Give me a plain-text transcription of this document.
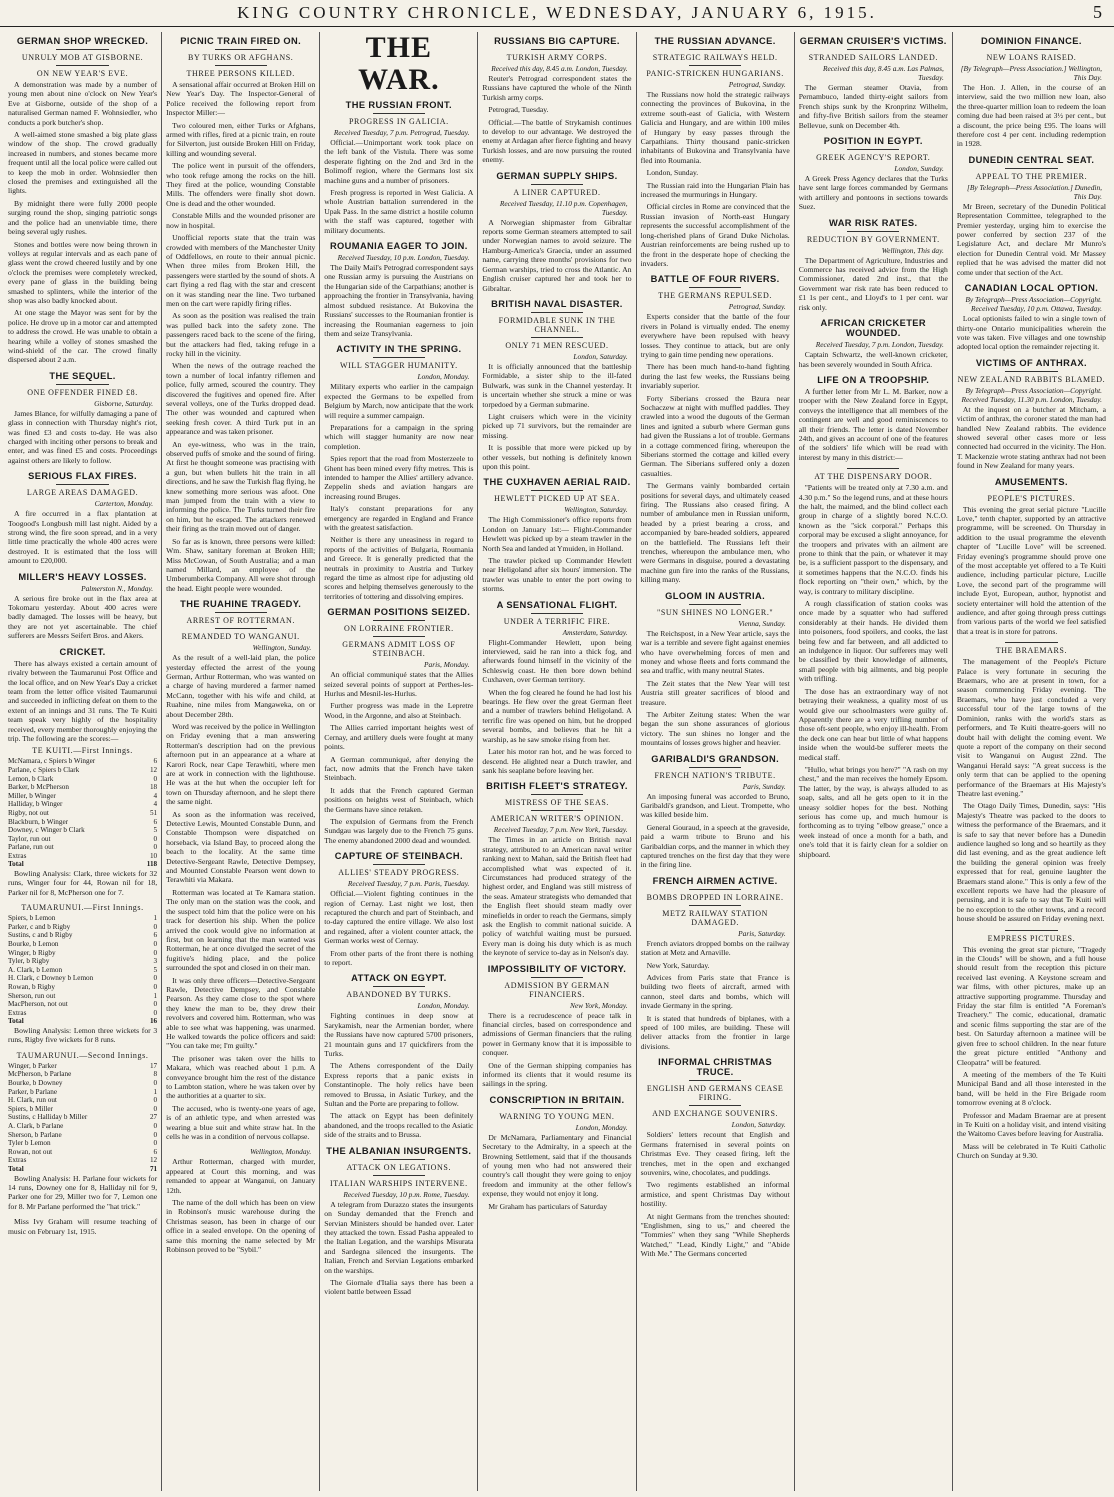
KING COUNTRY CHRONICLE, WEDNESDAY, JANUARY 6, 1915.	5
GERMAN SHOP WRECKED.
UNRULY MOB AT GISBORNE.
ON NEW YEAR'S EVE.

A demonstration was made by a number of young men about nine o'clock on New Year's Eve at Gisborne, outside of the shop of a naturalised German named F. Wohnsiedler, who conducts a pork butcher's shop.

A well-aimed stone smashed a big plate glass window of the shop. The crowd gradually increased in numbers, and stones became more frequent until all the local police were called out to keep the mob in order. Wohnsiedler then closed the premises and extinguished all the lights.

By midnight there were fully 2000 people surging round the shop, singing patriotic songs and the police had an unenviable time, there being several ugly rushes.

Stones and bottles were now being thrown in volleys at regular intervals and as each pane of glass went the crowd cheered lustily and by one o'clock the premises were completely wrecked, every pane of glass in the building being smashed to splinters, while the interior of the shop was also badly knocked about.

At one stage the Mayor was sent for by the police. He drove up in a motor car and attempted to address the crowd. He was unable to obtain a hearing while a volley of stones smashed the wind-shield of the car. The crowd finally dispersed about 2 a.m.

THE SEQUEL.
ONE OFFENDER FINED £8.
Gisborne, Saturday.

James Blance, for wilfully damaging a pane of glass in connection with Thursday night's riot, was fined £3 and costs to-day. He was also charged with inciting other persons to break and enter, and was fined £5 and costs. Proceedings against others are likely to follow.

SERIOUS FLAX FIRES.
LARGE AREAS DAMAGED.
Carterton, Monday.

A fire occurred in a flax plantation at Toogood's Longbush mill last night. Aided by a strong wind, the fire soon spread, and in a very little time practically the whole 400 acres were destroyed. It is estimated that the loss will amount to £20,000.

MILLER'S HEAVY LOSSES.
Palmerston N., Monday.

A serious fire broke out in the flax area at Tokomaru yesterday. About 400 acres were badly damaged. The losses will be heavy, but they are not yet ascertainable. The chief sufferers are Messrs Seifert Bros. and Akers.

CRICKET.

There has always existed a certain amount of rivalry between the Taumarunui Post Office and the local office, and on New Year's Day a cricket team from the letter office visited Taumarunui and succeeded in inflicting defeat on them to the extent of an innings and 31 runs. The Te Kuiti team speak very highly of the hospitality received, every member thoroughly enjoying the trip. The following are the scores:—

TE KUITI.—First Innings.
McNamara, c Spiers b Winger	6
Parlane, c Spiers b Clark	12
Lemon, b Clark	0
Barker, b McPherson	18
Miller, b Winger	4
Halliday, b Winger	4
Rigby, not out	51
Blackburn, b Winger	6
Downey, c Winger b Clark	5
Taylor, run out	0
Parlane, run out	0
Extras	10
Total	118

Bowling Analysis: Clark, three wickets for 32 runs, Winger four for 44, Rowan nil for 18, Parker nil for 8, McPherson one for 7.

TAUMARUNUI.—First Innings.
Spiers, b Lemon	1
Parker, c and b Rigby	0
Sustins, c and b Rigby	6
Bourke, b Lemon	0
Winger, b Rigby	0
Tyler, b Rigby	3
A. Clark, b Lemon	5
H. Clark, c Downey b Lemon	0
Rowan, b Rigby	0
Sherson, run out	1
MacPherson, not out	0
Extras	0
Total	16

Bowling Analysis: Lemon three wickets for 3 runs, Rigby five wickets for 8 runs.

TAUMARUNUI.—Second Innings.
Winger, b Parker	17
McPherson, b Parlane	8
Bourke, b Downey	0
Parker, b Parlane	1
H. Clark, run out	0
Spiers, b Miller	0
Sustins, c Halliday b Miller	27
A. Clark, b Parlane	0
Sherson, b Parlane	0
Tyler b Lemon	0
Rowan, not out	6
Extras	12
Total	71

Bowling Analysis: H. Parlane four wickets for 14 runs, Downey one for 8, Halliday nil for 9, Parker one for 29, Miller two for 7, Lemon one for 8. Mr Parlane performed the "hat trick."

Miss Ivy Graham will resume teaching of music on February 1st, 1915.

PICNIC TRAIN FIRED ON.
BY TURKS OR AFGHANS.
THREE PERSONS KILLED.

A sensational affair occurred at Broken Hill on New Year's Day. The Inspector-General of Police received the following report from Inspector Miller:—

Two coloured men, either Turks or Afghans, armed with rifles, fired at a picnic train, en route for Silverton, just outside Broken Hill on Friday, killing and wounding several.

The police went in pursuit of the offenders, who took refuge among the rocks on the hill. They fired at the police, wounding Constable Mills. The offenders were finally shot down. One is dead and the other wounded.

Constable Mills and the wounded prisoner are now in hospital.

Unofficial reports state that the train was crowded with members of the Manchester Unity of Oddfellows, en route to their annual picnic. When three miles from Broken Hill, the passengers were startled by the sound of shots. A cart flying a red flag with the star and crescent on it was standing near the line. Two turbaned men on the cart were rapidly firing rifles.

As soon as the position was realised the train was pulled back into the safety zone. The passengers raced back to the scene of the firing, but the attackers had fled, taking refuge in a rocky hill in the vicinity.

When the news of the outrage reached the town a number of local infantry riflemen and police, fully armed, scoured the country. They discovered the fugitives and opened fire. After several volleys, one of the Turks dropped dead. The other was wounded and captured when seeking fresh cover. A third Turk put in an appearance and was taken prisoner.

An eye-witness, who was in the train, observed puffs of smoke and the sound of firing. At first he thought someone was practising with a gun, but when bullets hit the train in all directions, and he saw the Turkish flag flying, he knew something more serious was afoot. One man jumped from the train with a view to informing the police. The Turks turned their fire on him, but he escaped. The attackers renewed their firing as the train moved out of danger.

So far as is known, three persons were killed: Wm. Shaw, sanitary foreman at Broken Hill; Miss McCowan, of South Australia; and a man named Millard, an employee of the Umberumberka Company. All were shot through the head. Eight people were wounded.

THE RUAHINE TRAGEDY.
ARREST OF ROTTERMAN.
REMANDED TO WANGANUI.
Wellington, Sunday.

As the result of a well-laid plan, the police yesterday effected the arrest of the young German, Arthur Rotterman, who was wanted on a charge of having murdered a farmer named McCann, together with his wife and child, at Ruahine, nine miles from Mangaweka, on or about December 28th.

Word was received by the police in Wellington on Friday evening that a man answering Rotterman's description had on the previous afternoon put in an appearance at a whare at Karori Rock, near Cape Terawhiti, where men are at work in connection with the lighthouse. He was at the hut when the occupier left for town on Thursday afternoon, and he slept there the same night.

As soon as the information was received, Detective Lewis, Mounted Constable Dunn, and Constable Thompson were dispatched on horseback, via Island Bay, to proceed along the beach to the locality. At the same time Detective-Sergeant Rawle, Detective Dempsey, and Mounted Constable Pearson went down to Terawhiti via Makara.

Rotterman was located at Te Kamara station. The only man on the station was the cook, and the suspect told him that the police were on his track for desertion his ship. When the police arrived the cook would give no information at first, but on learning that the man wanted was Rotterman, he at once divulged the secret of the fugitive's hiding place, and the police surrounded the spot and closed in on their man.

It was only three officers—Detective-Sergeant Rawle, Detective Dempsey, and Constable Pearson. As they came close to the spot where they knew the man to be, they drew their revolvers and covered him. Rotterman, who was able to see what was happening, was unarmed. He walked towards the police officers and said: "You can take me; I'm guilty."

The prisoner was taken over the hills to Makara, which was reached about 1 p.m. A conveyance brought him the rest of the distance to Lambton station, where he was taken over by the authorities at a quarter to six.

The accused, who is twenty-one years of age, is of an athletic type, and when arrested was wearing a blue suit and white straw hat. In the cells he was in a condition of nervous collapse.

Wellington, Monday.

Arthur Rotterman, charged with murder, appeared at Court this morning, and was remanded to appear at Wanganui, on January 12th.

The name of the doll which has been on view in Robinson's music warehouse during the Christmas season, has been in charge of our office in a sealed envelope. On the opening of same this morning the name selected by Mr Robinson proved to be "Sybil."

THE WAR.
THE RUSSIAN FRONT.
PROGRESS IN GALICIA.
Received Tuesday, 7 p.m. Petrograd, Tuesday.

Official.—Unimportant work took place on the left bank of the Vistula. There was some desperate fighting on the 2nd and 3rd in the Bolimoff region, where the Germans lost six machine guns and a number of prisoners.

Fresh progress is reported in West Galicia. A whole Austrian battalion surrendered in the Upak Pass. In the same district a hostile column with the staff was captured, together with military documents.

ROUMANIA EAGER TO JOIN.
Received Tuesday, 10 p.m. London, Tuesday.

The Daily Mail's Petrograd correspondent says one Russian army is pursuing the Austrians on the Hungarian side of the Carpathians; another is approaching the frontier in Transylvania, having almost subdued resistance. At Bukovina the Russians' successes to the Roumanian frontier is increasing the Roumanian eagerness to join them and seize Transylvania.

ACTIVITY IN THE SPRING.
WILL STAGGER HUMANITY.
London, Monday.

Military experts who earlier in the campaign expected the Germans to be expelled from Belgium by March, now anticipate that the work will require a summer campaign.

Preparations for a campaign in the spring which will stagger humanity are now near completion.

Spies report that the road from Mosterzeele to Ghent has been mined every fifty metres. This is intended to hamper the Allies' artillery advance. Zeppelin sheds and aviation hangars are increasing round Bruges.

Italy's constant preparations for any emergency are regarded in England and France with the greatest satisfaction.

Neither is there any uneasiness in regard to reports of the activities of Bulgaria, Roumania and Greece. It is generally predicted that the neutrals in proximity to Austria and Turkey regard the time as almost ripe for adjusting old scores and helping themselves generously to the territories of tottering and dissolving empires.

GERMAN POSITIONS SEIZED.
ON LORRAINE FRONTIER.
GERMANS ADMIT LOSS OF STEINBACH.
Paris, Monday.

An official communiqué states that the Allies seized several points of support at Perthes-les-Hurlus and Mesnil-les-Hurlus.

Further progress was made in the Lepretre Wood, in the Argonne, and also at Steinbach.

The Allies carried important heights west of Cernay, and artillery duels were fought at many points.

A German communiqué, after denying the fact, now admits that the French have taken Steinbach.

It adds that the French captured German positions on heights west of Steinbach, which the Germans have since retaken.

The expulsion of Germans from the French Sundgau was largely due to the French 75 guns. The enemy abandoned 2000 dead and wounded.

CAPTURE OF STEINBACH.
ALLIES' STEADY PROGRESS.
Received Tuesday, 7 p.m. Paris, Tuesday.

Official.—Violent fighting continues in the region of Cernay. Last night we lost, then recaptured the church and part of Steinbach, and to-day captured the entire village. We also lost and regained, after a violent counter attack, the German works west of Cernay.

From other parts of the front there is nothing to report.

ATTACK ON EGYPT.
ABANDONED BY TURKS.
London, Monday.

Fighting continues in deep snow at Sarykamish, near the Armenian border, where the Russians have now captured 5700 prisoners, 21 mountain guns and 17 quickfirers from the Turks.

The Athens correspondent of the Daily Express reports that a panic exists in Constantinople. The holy relics have been removed to Brussa, in Asiatic Turkey, and the Sultan and the Porte are preparing to follow.

The attack on Egypt has been definitely abandoned, and the troops recalled to the Asiatic side of the straits and to Brussa.

THE ALBANIAN INSURGENTS.
ATTACK ON LEGATIONS.
ITALIAN WARSHIPS INTERVENE.
Received Tuesday, 10 p.m. Rome, Tuesday.

A telegram from Durazzo states the insurgents on Sunday demanded that the French and Servian Ministers should be handed over. Later they attacked the town. Essad Pasha appealed to the Italian Legation, and the warships Misurata and Sardegna silenced the insurgents. The Italian, French and Servian Legations embarked on the warships.

The Giornale d'Italia says there has been a violent battle between Essad

RUSSIANS BIG CAPTURE.
TURKISH ARMY CORPS.
Received this day, 8.45 a.m. London, Tuesday.

Reuter's Petrograd correspondent states the Russians have captured the whole of the Ninth Turkish army corps.

Petrograd, Tuesday.

Official.—The battle of Strykamish continues to develop to our advantage. We destroyed the enemy at Ardagan after fierce fighting and heavy Turkish losses, and are now pursuing the routed enemy.

GERMAN SUPPLY SHIPS.
A LINER CAPTURED.
Received Tuesday, 11.10 p.m. Copenhagen, Tuesday.

A Norwegian shipmaster from Gibraltar reports some German steamers attempted to sail under Norwegian names to avoid seizure. The Hamburg-America's Graecia, under an assumed name, carrying three months' provisions for two German warships, tried to cross the Atlantic. An English cruiser captured her and took her to Gibraltar.

BRITISH NAVAL DISASTER.
FORMIDABLE SUNK IN THE CHANNEL.
ONLY 71 MEN RESCUED.
London, Saturday.

It is officially announced that the battleship Formidable, a sister ship to the ill-fated Bulwark, was sunk in the Channel yesterday. It is uncertain whether she struck a mine or was torpedoed by a German submarine.

Light cruisers which were in the vicinity picked up 71 survivors, but the remainder are missing.

It is possible that more were picked up by other vessels, but nothing is definitely known upon this point.

THE CUXHAVEN AERIAL RAID.
HEWLETT PICKED UP AT SEA.
Wellington, Saturday.

The High Commissioner's office reports from London on January 1st:— Flight-Commander Hewlett was picked up by a steam trawler in the North Sea and landed at Ymuiden, in Holland.

The trawler picked up Commander Hewlett near Heligoland after six hours' immersion. The trawler was unable to enter the port owing to storms.

A SENSATIONAL FLIGHT.
UNDER A TERRIFIC FIRE.
Amsterdam, Saturday.

Flight-Commander Hewlett, upon being interviewed, said he ran into a thick fog, and afterwards found himself in the vicinity of the Schleswig coast. He then bore down behind Cuxhaven, over German territory.

When the fog cleared he found he had lost his bearings. He flew over the great German fleet and a number of trawlers behind Heligoland. A terrific fire was opened on him, but he dropped several bombs, and believes that he hit a warship, as he saw smoke rising from her.

Later his motor ran hot, and he was forced to descend. He alighted near a Dutch trawler, and sank his seaplane before leaving her.

BRITISH FLEET'S STRATEGY.
MISTRESS OF THE SEAS.
AMERICAN WRITER'S OPINION.
Received Tuesday, 7 p.m. New York, Tuesday.

The Times in an article on British naval strategy, attributed to an American naval writer ranking next to Mahan, said the British fleet had accomplished what was expected of it. Circumstances had produced strategy of the highest order, and England was still mistress of the seas. Amateur strategists who demanded that the English fleet should steam madly over minefields in order to reach the Germans, simply ask the English to commit national suicide. A policy of watchful waiting must be pursued. Every man is doing his duty which is as much the keynote of service to-day as in Nelson's day.

IMPOSSIBILITY OF VICTORY.
ADMISSION BY GERMAN FINANCIERS.
New York, Monday.

There is a recrudescence of peace talk in financial circles, based on correspondence and admissions of German financiers that the ruling power in Germany know that it is impossible to conquer.

One of the German shipping companies has informed its clients that it would resume its sailings in the spring.

CONSCRIPTION IN BRITAIN.
WARNING TO YOUNG MEN.
London, Monday.

Dr McNamara, Parliamentary and Financial Secretary to the Admiralty, in a speech at the Browning Settlement, said that if the thousands of young men who had not answered their country's call thought they were going to enjoy freedom and immunity at the other fellow's expense, they would not enjoy it long.

Mr Graham has particulars of Saturday

THE RUSSIAN ADVANCE.
STRATEGIC RAILWAYS HELD.
PANIC-STRICKEN HUNGARIANS.
Petrograd, Sunday.

The Russians now hold the strategic railways connecting the provinces of Bukovina, in the extreme south-east of Galicia, with Western Galicia and Hungary, and are within 100 miles of Hungary by easy passes through the Carpathians. Thirty thousand panic-stricken inhabitants of Bukovina and Transylvania have fled into Roumania.

London, Sunday.

The Russian raid into the Hungarian Plain has increased the murmurings in Hungary.

Official circles in Rome are convinced that the Russian invasion of North-east Hungary represents the successful accomplishment of the long-cherished plans of Grand Duke Nicholas. Austrian reinforcements are being rushed up to the front in the desperate hope of checking the invaders.

BATTLE OF FOUR RIVERS.
THE GERMANS REPULSED.
Petrograd, Sunday.

Experts consider that the battle of the four rivers in Poland is virtually ended. The enemy everywhere have been repulsed with heavy losses. They continue to attack, but are only trying to gain time pending new operations.

There has been much hand-to-hand fighting during the last few weeks, the Russians being invariably superior.

Forty Siberians crossed the Bzura near Sochaczew at night with muffled paddles. They crawled into a wood the dugouts of the German lines and ignited a suburb where German guns had given the Russians a lot of trouble. Germans in a cottage commenced firing, whereupon the Siberians stormed the cottage and killed every German. The Siberians suffered only a dozen casualties.

The Germans vainly bombarded certain positions for several days, and ultimately ceased firing. The Russians also ceased firing. A number of ambulance men in Russian uniform, headed by a priest bearing a cross, and accompanied by bare-headed soldiers, appeared on the battlefield. The Russians left their trenches, whereupon the ambulance men, who were Germans in disguise, poured a devastating machine gun fire into the ranks of the Russians, killing many.

GLOOM IN AUSTRIA.
"SUN SHINES NO LONGER."
Vienna, Sunday.

The Reichspost, in a New Year article, says the war is a terrible and severe fight against enemies who have overwhelming forces of men and money and whose fleets and forts command the sea and traffic, with many neutral States.

The Zeit states that the New Year will test Austria still greater sacrifices of blood and treasure.

The Arbiter Zeitung states: When the war began the sun shone assurances of glorious victory. The sun shines no longer and the mountains of losses grows higher and heavier.

GARIBALDI'S GRANDSON.
FRENCH NATION'S TRIBUTE.
Paris, Sunday.

An imposing funeral was accorded to Bruno, Garibaldi's grandson, and Lieut. Trompette, who was killed beside him.

General Gouraud, in a speech at the graveside, paid a warm tribute to Bruno and his Garibaldian corps, and the manner in which they captured trenches on the first day that they were in the firing line.

FRENCH AIRMEN ACTIVE.
BOMBS DROPPED IN LORRAINE.
METZ RAILWAY STATION DAMAGED.
Paris, Saturday.

French aviators dropped bombs on the railway station at Metz and Arnaville.

New York, Saturday.

Advices from Paris state that France is building two fleets of aircraft, armed with cannon, steel darts and bombs, which will invade Germany in the spring.

It is stated that hundreds of biplanes, with a speed of 100 miles, are building. These will deliver attacks from the frontier in large divisions.

INFORMAL CHRISTMAS TRUCE.
ENGLISH AND GERMANS CEASE FIRING.
AND EXCHANGE SOUVENIRS.
London, Saturday.

Soldiers' letters recount that English and Germans fraternised in several points on Christmas Eve. They ceased firing, left the trenches, met in the open and exchanged souvenirs, wine, chocolates, and puddings.

Two regiments established an informal armistice, and spent Christmas Day without hostility.

At night Germans from the trenches shouted: "Englishmen, sing to us," and cheered the "Tommies" when they sang "While Shepherds Watched," "Lead, Kindly Light," and "Abide With Me." The Germans concerted

GERMAN CRUISER'S VICTIMS.
STRANDED SAILORS LANDED.
Received this day, 8.45 a.m. Las Palmas, Tuesday.

The German steamer Otavia, from Pernambuco, landed thirty-eight sailors from French ships sunk by the Kronprinz Wilhelm, and fifty-five British sailors from the steamer Bellevue, sunk on December 4th.

POSITION IN EGYPT.
GREEK AGENCY'S REPORT.
London, Sunday.

A Greek Press Agency declares that the Turks have sent large forces commanded by Germans with artillery and pontoons in sections towards Suez.

WAR RISK RATES.
REDUCTION BY GOVERNMENT.
Wellington, This day.

The Department of Agriculture, Industries and Commerce has received advice from the High Commissioner, dated 2nd inst., that the Government war risk rate has been reduced to £1 1s per cent., and Lloyd's to 1 per cent. war risk only.

AFRICAN CRICKETER WOUNDED.
Received Tuesday, 7 p.m. London, Tuesday.

Captain Schwartz, the well-known cricketer, has been severely wounded in South Africa.

LIFE ON A TROOPSHIP.

A further letter from Mr L. M. Barker, now a trooper with the New Zealand force in Egypt, conveys the intelligence that all members of the contingent are well and good reminiscences to all their friends. The letter is dated November 24th, and gives an account of one of the features of the soldiers' life which will be read with interest by many in this district:—

AT THE DISPENSARY DOOR.

"Patients will be treated only at 7.30 a.m. and 4.30 p.m." So the legend runs, and at these hours the halt, the maimed, and the blind collect each group in charge of a slightly bored N.C.O. known as the "sick corporal." Perhaps this corporal may be excused a slight annoyance, for the troopers and privates with an ailment are prone to think that the pain, or whatever it may be, is a sufficient passport to the dispensary, and it sometimes happens that the N.C.O. finds his flock reporting on "their own," which, by the way, is contrary to military discipline.

A rough classification of station cooks was once made by a squatter who had suffered considerably at their hands. He divided them into poisoners, food spoilers, and cooks, the last being few and far between, and all addicted to an indulgence in liquor. Our sufferers may well be classified by their knowledge of ailments, small people with big ailments, and big people with trifling.

The dose has an extraordinary way of not betraying their weakness, a quality most of us would give our schoolmasters were guilty of. Apparently there are a very trifling number of those oft-sent people, who enjoy ill-health. From the deck one can hear but little of what happens inside when the would-be sufferer meets the medical staff.

"Hullo, what brings you here?" "A rash on my chest," and the man receives the homely Epsom. The latter, by the way, is always alluded to as soap, salts, and all he gets open to it in the uneasy soldier hopes for the best. Nothing serious has come up, and much humour is forthcoming as to trying "elbow grease," once a week instead of once a month for a bath, and one's told that it is fairly clean for a soldier on shipboard.

DOMINION FINANCE.
NEW LOANS RAISED.
[By Telegraph—Press Association.] Wellington, This Day.

The Hon. J. Allen, in the course of an interview, said the two million new loan, also the three-quarter million loan to redeem the loan coming due had been raised at 3½ per cent., but a discount, the price being £95. The loans will therefore cost 4 per cent. including redemption in 1928.

DUNEDIN CENTRAL SEAT.
APPEAL TO THE PREMIER.
[By Telegraph—Press Association.] Dunedin, This Day.

Mr Breen, secretary of the Dunedin Political Representation Committee, telegraphed to the Premier yesterday, urging him to exercise the power conferred by section 237 of the Legislature Act, and declare Mr Munro's election for Dunedin Central void. Mr Massey replied that he was advised the matter did not come under that section of the Act.

CANADIAN LOCAL OPTION.
By Telegraph—Press Association—Copyright. Received Tuesday, 10 p.m. Ottawa, Tuesday.

Local optionists failed to win a single town of thirty-one Ontario municipalities wherein the vote was taken. Five villages and one township adopted local option the remainder rejecting it.

VICTIMS OF ANTHRAX.
NEW ZEALAND RABBITS BLAMED.
By Telegraph—Press Association—Copyright. Received Tuesday, 11.30 p.m. London, Tuesday.

At the inquest on a butcher at Mitcham, a victim of anthrax, the coroner stated the man had handled New Zealand rabbits. The evidence showed several other cases more or less connected had occurred in the vicinity. The Hon. T. Mackenzie wrote stating anthrax had not been found in New Zealand for many years.

AMUSEMENTS.
PEOPLE'S PICTURES.

This evening the great serial picture "Lucille Love," tenth chapter, supported by an attractive programme, will be screened. On Thursday in addition to the usual programme the eleventh chapter of "Lucille Love" will be screened. Friday evening's programme should prove one of the most acceptable yet offered to a Te Kuiti audience, including particular picture, Lucille Love, the second part of the programme will include Eyot, European, author, hypnotist and society entertainer will hold the attention of the audience, and after going through press cuttings from various parts of the world we feel satisfied that a treat is in store for patrons.

THE BRAEMARS.

The management of the People's Picture Palace is very fortunate in securing the Braemars, who are at present in town, for a season commencing Friday evening. The Braemars, who have just concluded a very successful tour of the large towns of the Dominion, ranks with the world's stars as performers, and Te Kuiti theatre-goers will no doubt hail with delight the coming event. We quote a report of the company on their second visit to Wanganui on August 22nd. The Wanganui Herald says: "A great success is the only term that can be applied to the opening performance of the Braemars at His Majesty's Theatre last evening."

The Otago Daily Times, Dunedin, says: "His Majesty's Theatre was packed to the doors to witness the performance of the Braemars, and it is safe to say that never before has a Dunedin audience laughed so long and so heartily as they did last evening, and as the great audience left the building the general opinion was freely expressed that for real, genuine laughter the Braemars stand alone." This is only a few of the excellent reports we have had the pleasure of perusing, and it is safe to say that Te Kuiti will be no exception to the other towns, and a record house should be assured on Friday evening next.

EMPRESS PICTURES.

This evening the great star picture, "Tragedy in the Clouds" will be shown, and a full house should result from the reception this picture received last evening. A Keystone scream and war films, with other pictures, make up an attractive supporting programme. Thursday and Friday the star film is entitled "A Foreman's Treachery." The comic, educational, dramatic and scenic films supporting the star are of the best. On Saturday afternoon a matinee will be given free to school children. In the near future the great picture entitled "Anthony and Cleopatra" will be featured.

A meeting of the members of the Te Kuiti Municipal Band and all those interested in the band, will be held in the Fire Brigade room tomorrow evening at 8 o'clock.

Professor and Madam Braemar are at present in Te Kuiti on a holiday visit, and intend visiting the Waitomo Caves before leaving for Australia.

Mass will be celebrated in Te Kuiti Catholic Church on Sunday at 9.30.
